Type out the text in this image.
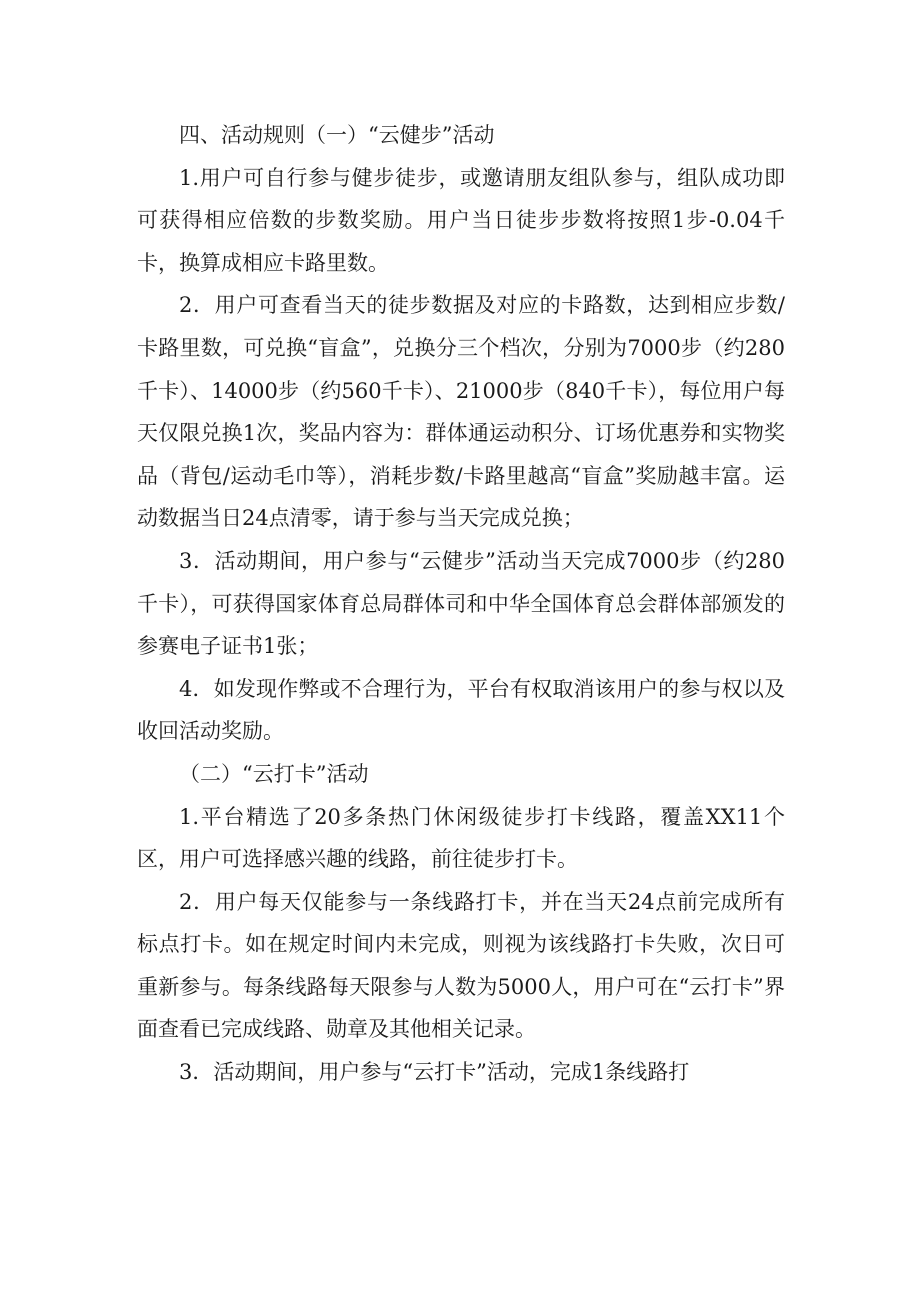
四、活动规则（一）“云健步”活动

1.用户可自行参与健步徒步，或邀请朋友组队参与，组队成功即可获得相应倍数的步数奖励。用户当日徒步步数将按照1步-0.04千卡，换算成相应卡路里数。

2．用户可查看当天的徒步数据及对应的卡路数，达到相应步数/卡路里数，可兑换“盲盒”，兑换分三个档次，分别为7000步（约280千卡）、14000步（约560千卡）、21000步（840千卡），每位用户每天仅限兑换1次，奖品内容为：群体通运动积分、订场优惠券和实物奖品（背包/运动毛巾等），消耗步数/卡路里越高“盲盒”奖励越丰富。运动数据当日24点清零，请于参与当天完成兑换；

3．活动期间，用户参与“云健步”活动当天完成7000步（约280千卡），可获得国家体育总局群体司和中华全国体育总会群体部颁发的参赛电子证书1张；

4．如发现作弊或不合理行为，平台有权取消该用户的参与权以及收回活动奖励。

（二）“云打卡”活动

1.平台精选了20多条热门休闲级徒步打卡线路，覆盖XX11个区，用户可选择感兴趣的线路，前往徒步打卡。

2．用户每天仅能参与一条线路打卡，并在当天24点前完成所有标点打卡。如在规定时间内未完成，则视为该线路打卡失败，次日可重新参与。每条线路每天限参与人数为5000人，用户可在“云打卡”界面查看已完成线路、勋章及其他相关记录。

3．活动期间，用户参与“云打卡”活动，完成1条线路打
